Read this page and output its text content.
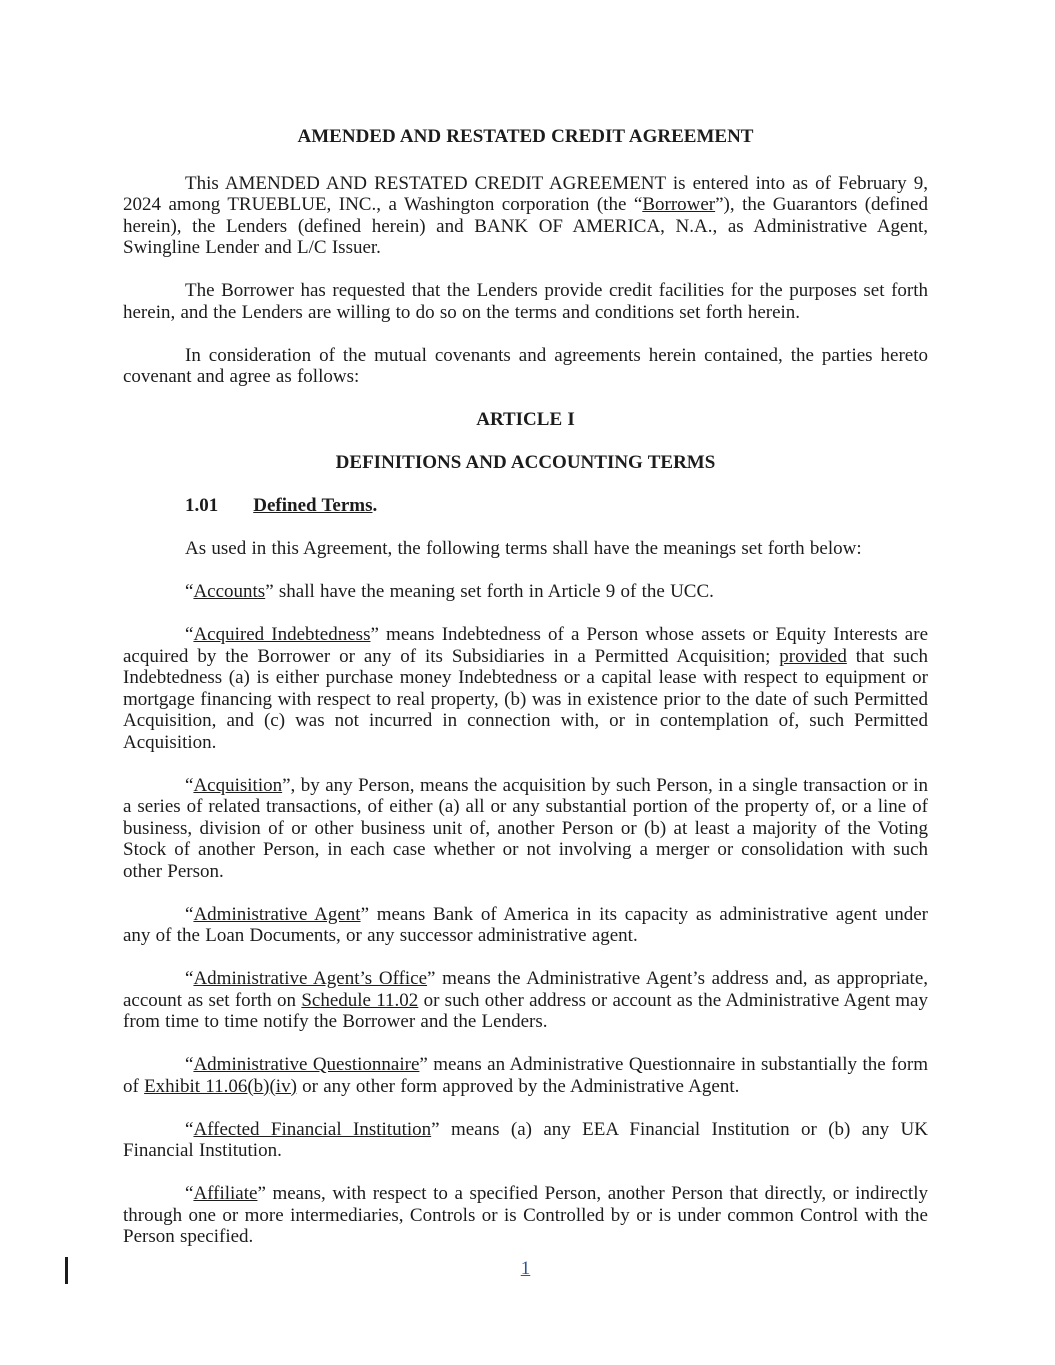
AMENDED AND RESTATED CREDIT AGREEMENT
This AMENDED AND RESTATED CREDIT AGREEMENT is entered into as of February 9, 2024 among TRUEBLUE, INC., a Washington corporation (the “Borrower”), the Guarantors (defined herein), the Lenders (defined herein) and BANK OF AMERICA, N.A., as Administrative Agent, Swingline Lender and L/C Issuer.
The Borrower has requested that the Lenders provide credit facilities for the purposes set forth herein, and the Lenders are willing to do so on the terms and conditions set forth herein.
In consideration of the mutual covenants and agreements herein contained, the parties hereto covenant and agree as follows:
ARTICLE I
DEFINITIONS AND ACCOUNTING TERMS
1.01 Defined Terms.
As used in this Agreement, the following terms shall have the meanings set forth below:
“Accounts” shall have the meaning set forth in Article 9 of the UCC.
“Acquired Indebtedness” means Indebtedness of a Person whose assets or Equity Interests are acquired by the Borrower or any of its Subsidiaries in a Permitted Acquisition; provided that such Indebtedness (a) is either purchase money Indebtedness or a capital lease with respect to equipment or mortgage financing with respect to real property, (b) was in existence prior to the date of such Permitted Acquisition, and (c) was not incurred in connection with, or in contemplation of, such Permitted Acquisition.
“Acquisition”, by any Person, means the acquisition by such Person, in a single transaction or in a series of related transactions, of either (a) all or any substantial portion of the property of, or a line of business, division of or other business unit of, another Person or (b) at least a majority of the Voting Stock of another Person, in each case whether or not involving a merger or consolidation with such other Person.
“Administrative Agent” means Bank of America in its capacity as administrative agent under any of the Loan Documents, or any successor administrative agent.
“Administrative Agent’s Office” means the Administrative Agent’s address and, as appropriate, account as set forth on Schedule 11.02 or such other address or account as the Administrative Agent may from time to time notify the Borrower and the Lenders.
“Administrative Questionnaire” means an Administrative Questionnaire in substantially the form of Exhibit 11.06(b)(iv) or any other form approved by the Administrative Agent.
“Affected Financial Institution” means (a) any EEA Financial Institution or (b) any UK Financial Institution.
“Affiliate” means, with respect to a specified Person, another Person that directly, or indirectly through one or more intermediaries, Controls or is Controlled by or is under common Control with the Person specified.
1
